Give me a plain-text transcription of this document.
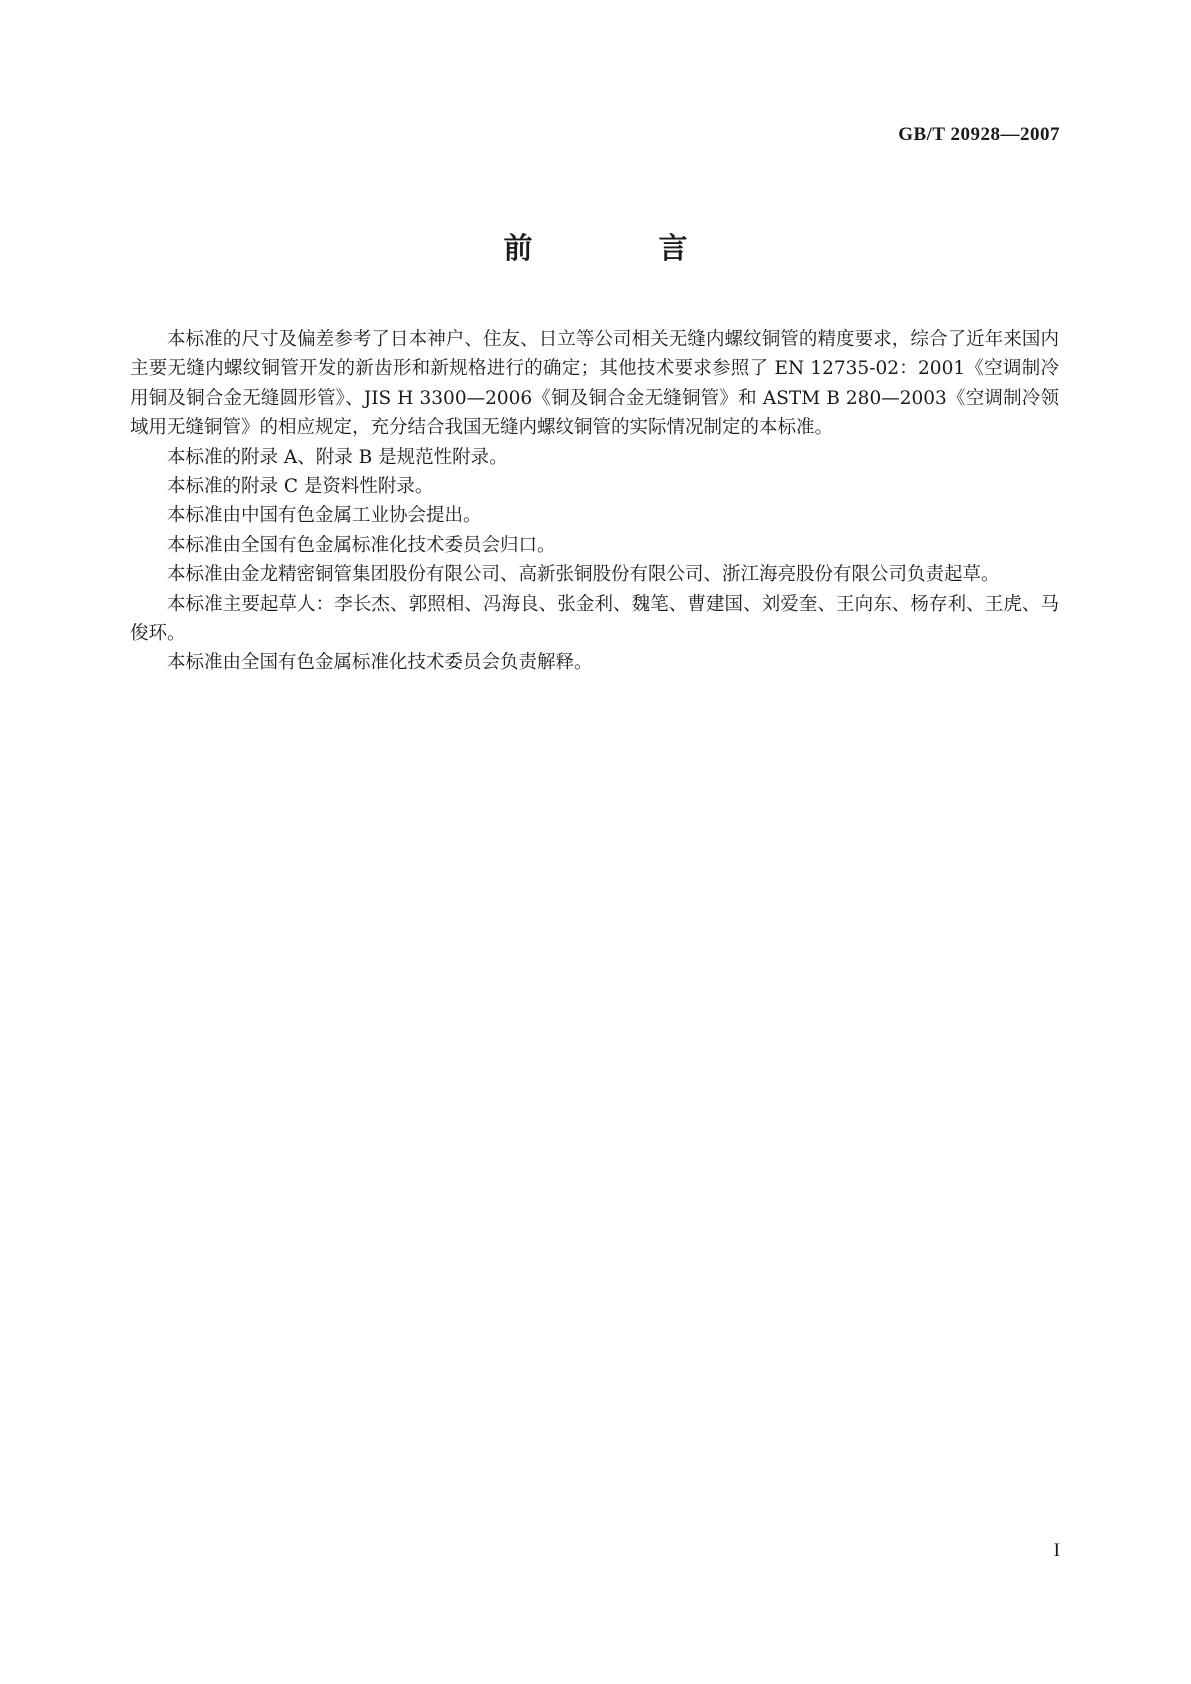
GB/T 20928—2007
前 言

本标准的尺寸及偏差参考了日本神户、住友、日立等公司相关无缝内螺纹铜管的精度要求，综合了近年来国内主要无缝内螺纹铜管开发的新齿形和新规格进行的确定；其他技术要求参照了 EN 12735-02：2001《空调制冷用铜及铜合金无缝圆形管》、JIS H 3300—2006《铜及铜合金无缝铜管》和 ASTM B 280—2003《空调制冷领域用无缝铜管》的相应规定，充分结合我国无缝内螺纹铜管的实际情况制定的本标准。

本标准的附录 A、附录 B 是规范性附录。

本标准的附录 C 是资料性附录。

本标准由中国有色金属工业协会提出。

本标准由全国有色金属标准化技术委员会归口。

本标准由金龙精密铜管集团股份有限公司、高新张铜股份有限公司、浙江海亮股份有限公司负责起草。

本标准主要起草人：李长杰、郭照相、冯海良、张金利、魏笔、曹建国、刘爱奎、王向东、杨存利、王虎、马俊环。

本标准由全国有色金属标准化技术委员会负责解释。

I
